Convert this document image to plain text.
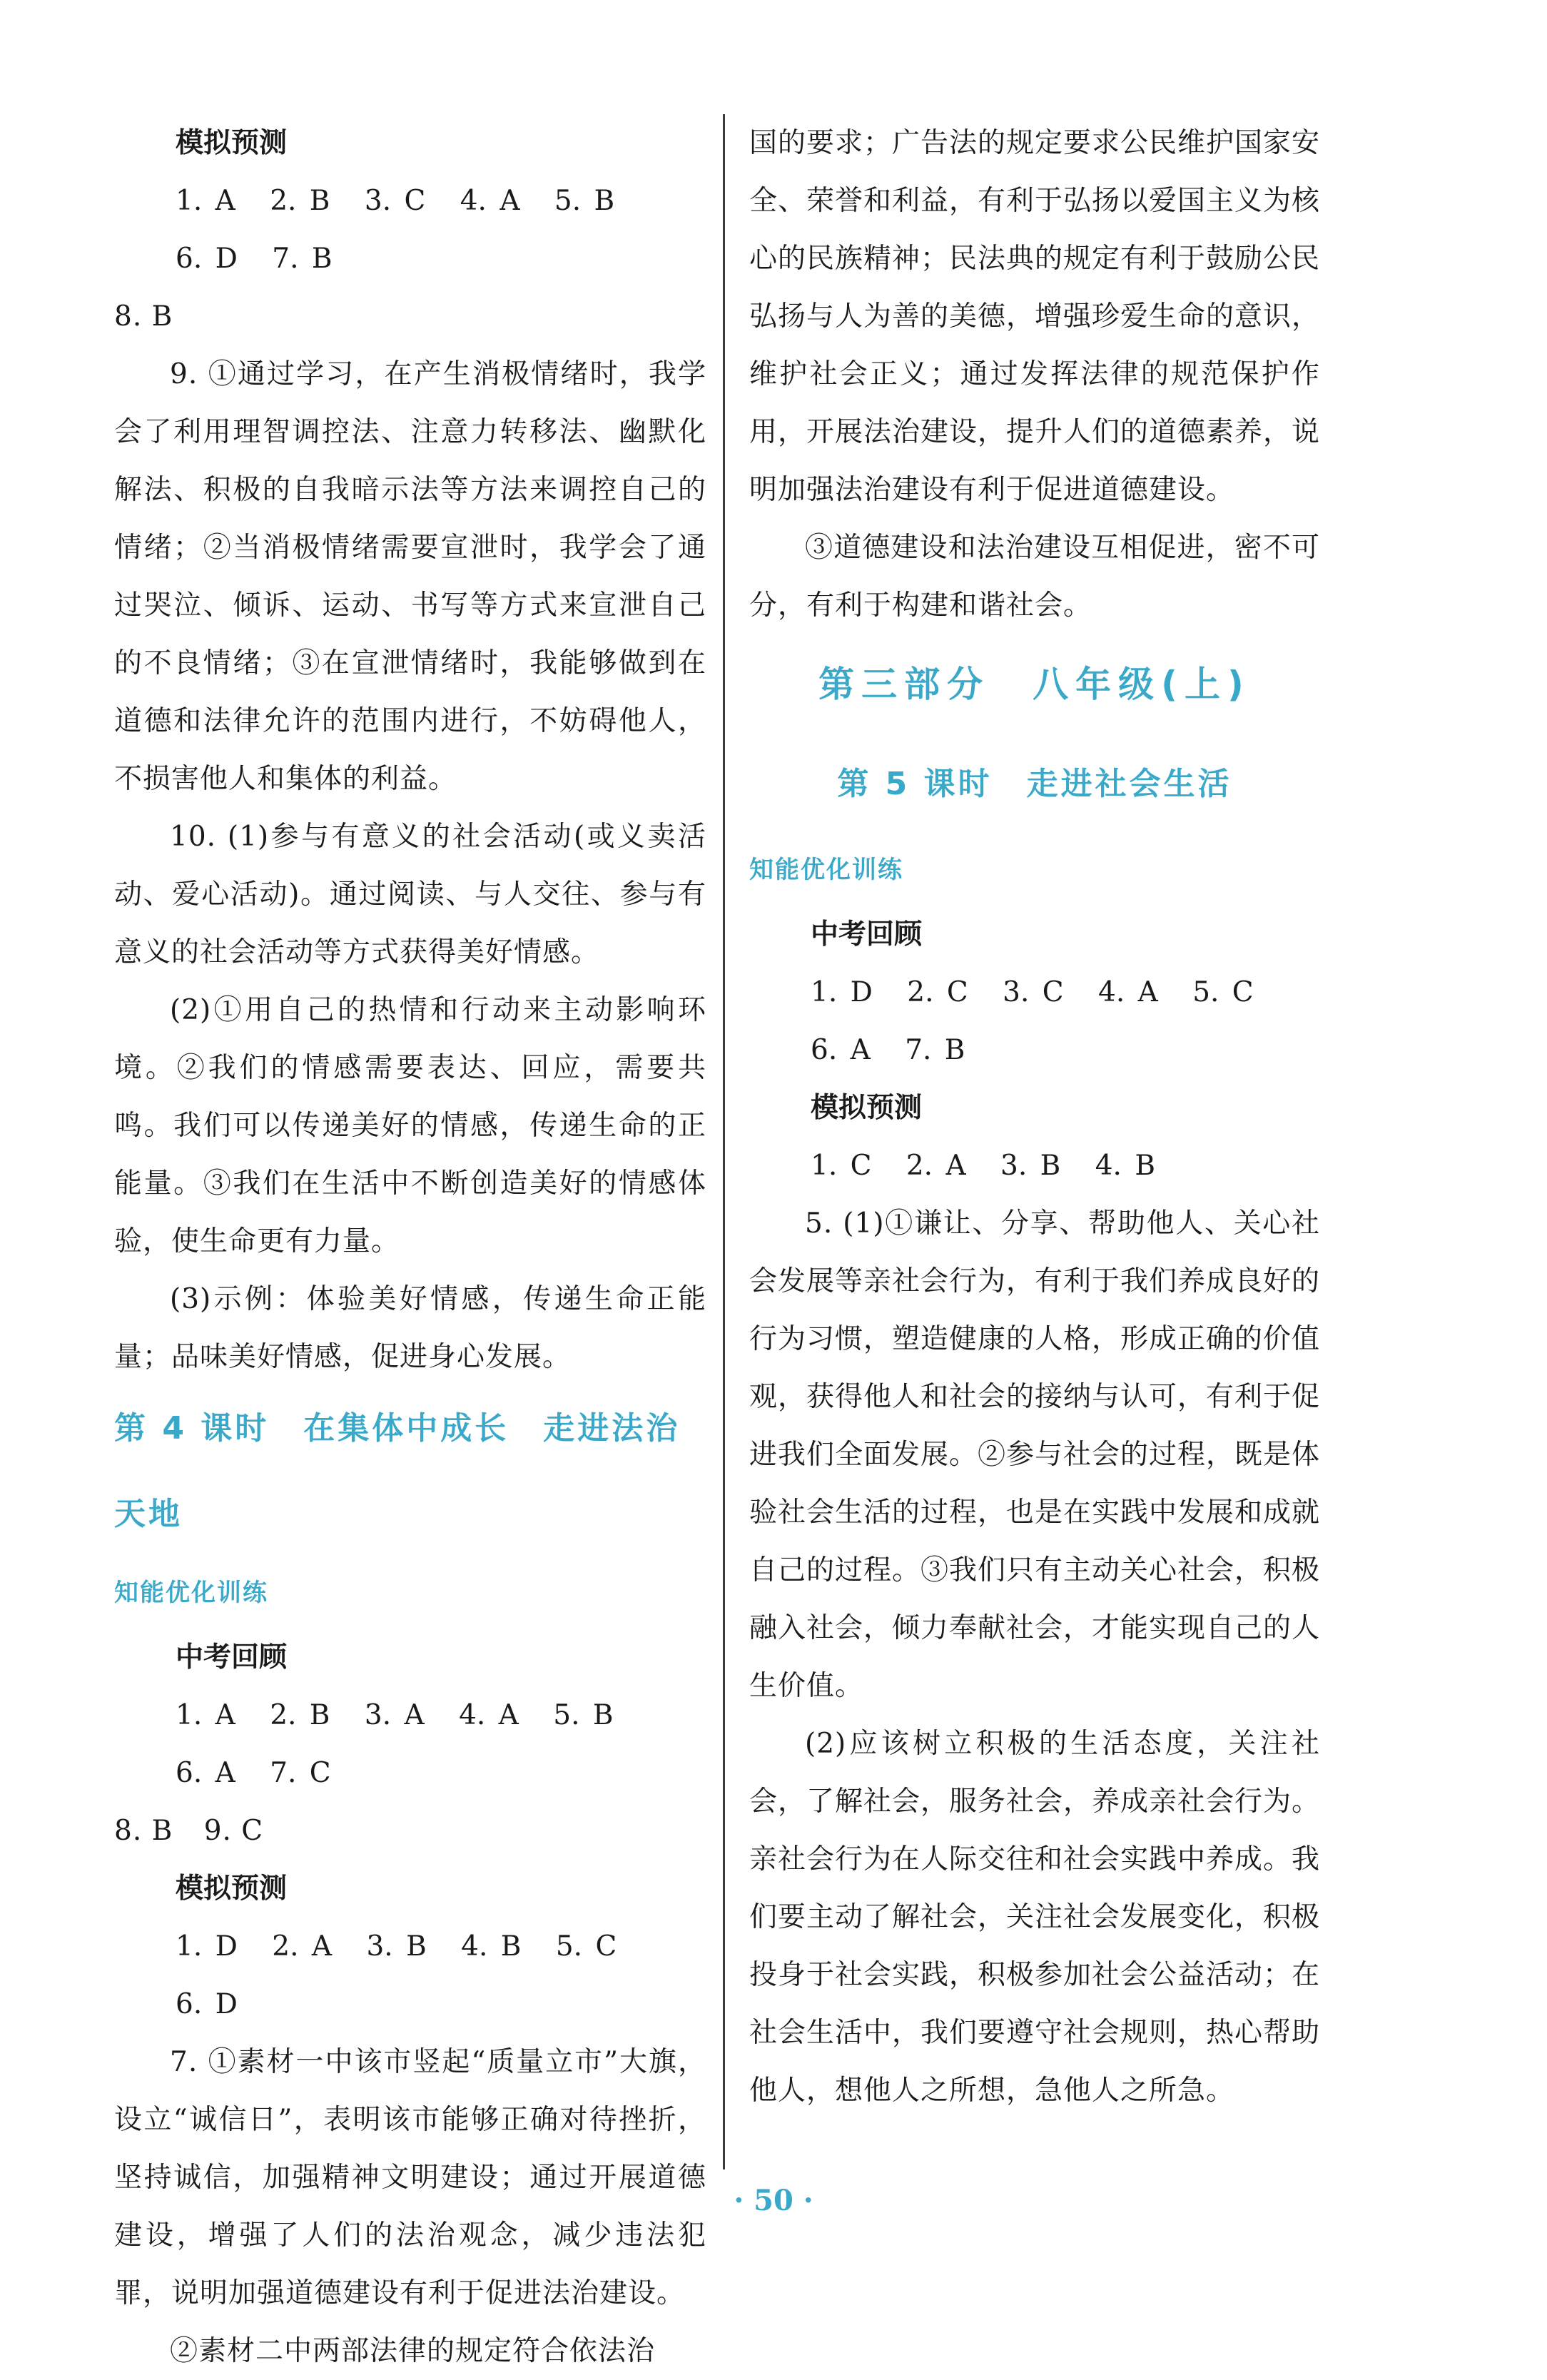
模拟预测

1. A 2. B 3. C 4. A 5. B 6. D 7. B

8. B

9. ①通过学习，在产生消极情绪时，我学会了利用理智调控法、注意力转移法、幽默化解法、积极的自我暗示法等方法来调控自己的情绪；②当消极情绪需要宣泄时，我学会了通过哭泣、倾诉、运动、书写等方式来宣泄自己的不良情绪；③在宣泄情绪时，我能够做到在道德和法律允许的范围内进行，不妨碍他人，不损害他人和集体的利益。

10. (1)参与有意义的社会活动(或义卖活动、爱心活动)。通过阅读、与人交往、参与有意义的社会活动等方式获得美好情感。

(2)①用自己的热情和行动来主动影响环境。②我们的情感需要表达、回应，需要共鸣。我们可以传递美好的情感，传递生命的正能量。③我们在生活中不断创造美好的情感体验，使生命更有力量。

(3)示例：体验美好情感，传递生命正能量；品味美好情感，促进身心发展。

第 4 课时　在集体中成长　走进法治天地

知能优化训练

中考回顾

1. A 2. B 3. A 4. A 5. B 6. A 7. C

8. B 9. C

模拟预测

1. D 2. A 3. B 4. B 5. C 6. D

7. ①素材一中该市竖起“质量立市”大旗，设立“诚信日”，表明该市能够正确对待挫折，坚持诚信，加强精神文明建设；通过开展道德建设，增强了人们的法治观念，减少违法犯罪，说明加强道德建设有利于促进法治建设。

②素材二中两部法律的规定符合依法治

国的要求；广告法的规定要求公民维护国家安全、荣誉和利益，有利于弘扬以爱国主义为核心的民族精神；民法典的规定有利于鼓励公民弘扬与人为善的美德，增强珍爱生命的意识，维护社会正义；通过发挥法律的规范保护作用，开展法治建设，提升人们的道德素养，说明加强法治建设有利于促进道德建设。

③道德建设和法治建设互相促进，密不可分，有利于构建和谐社会。

第三部分　八年级(上)

第 5 课时　走进社会生活

知能优化训练

中考回顾

1. D 2. C 3. C 4. A 5. C 6. A 7. B

模拟预测

1. C 2. A 3. B 4. B

5. (1)①谦让、分享、帮助他人、关心社会发展等亲社会行为，有利于我们养成良好的行为习惯，塑造健康的人格，形成正确的价值观，获得他人和社会的接纳与认可，有利于促进我们全面发展。②参与社会的过程，既是体验社会生活的过程，也是在实践中发展和成就自己的过程。③我们只有主动关心社会，积极融入社会，倾力奉献社会，才能实现自己的人生价值。

(2)应该树立积极的生活态度，关注社会，了解社会，服务社会，养成亲社会行为。亲社会行为在人际交往和社会实践中养成。我们要主动了解社会，关注社会发展变化，积极投身于社会实践，积极参加社会公益活动；在社会生活中，我们要遵守社会规则，热心帮助他人，想他人之所想，急他人之所急。

· 50 ·
